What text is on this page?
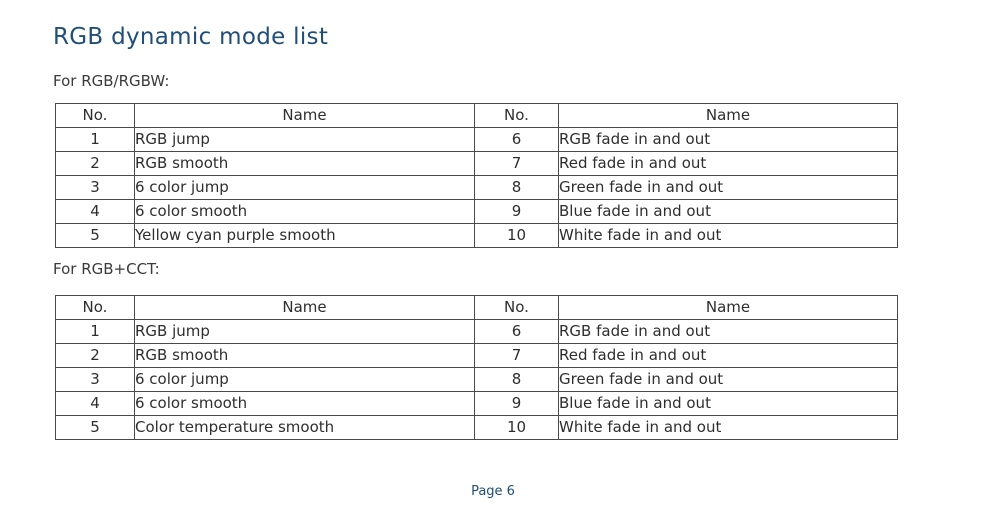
RGB dynamic mode list

For RGB/RGBW:

No.	Name	No.	Name
1	RGB jump	6	RGB fade in and out
2	RGB smooth	7	Red fade in and out
3	6 color jump	8	Green fade in and out
4	6 color smooth	9	Blue fade in and out
5	Yellow cyan purple smooth	10	White fade in and out

For RGB+CCT:

No.	Name	No.	Name
1	RGB jump	6	RGB fade in and out
2	RGB smooth	7	Red fade in and out
3	6 color jump	8	Green fade in and out
4	6 color smooth	9	Blue fade in and out
5	Color temperature smooth	10	White fade in and out
Page 6
